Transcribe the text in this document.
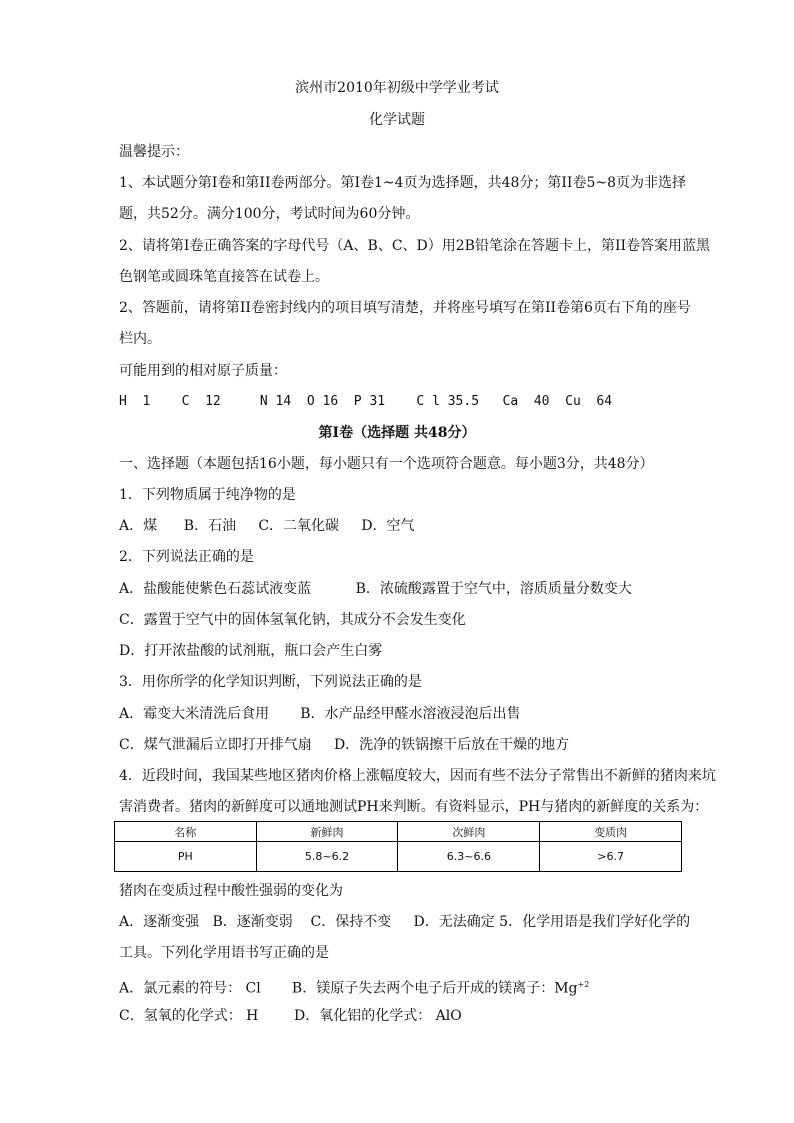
滨州市2010年初级中学学业考试
化学试题
温馨提示：
1、本试题分第Ⅰ卷和第II卷两部分。第Ⅰ卷1~4页为选择题，共48分；第II卷5~8页为非选择
题，共52分。满分100分，考试时间为60分钟。
2、请将第Ⅰ卷正确答案的字母代号（A、B、C、D）用2B铅笔涂在答题卡上，第II卷答案用蓝黑
色钢笔或圆珠笔直接答在试卷上。
2、答题前，请将第II卷密封线内的项目填写清楚，并将座号填写在第II卷第6页右下角的座号
栏内。
可能用到的相对原子质量：
H  1    C  12     N 14  O 16  P 31    C l 35.5   Ca  40  Cu  64
第Ⅰ卷（选择题 共48分）
一、选择题（本题包括16小题，每小题只有一个选项符合题意。每小题3分，共48分）
1．下列物质属于纯净物的是
A．煤      B．石油     C．二氧化碳     D．空气
2．下列说法正确的是
A．盐酸能使紫色石蕊试液变蓝          B．浓硫酸露置于空气中，溶质质量分数变大
C．露置于空气中的固体氢氧化钠，其成分不会发生变化
D．打开浓盐酸的试剂瓶，瓶口会产生白雾
3．用你所学的化学知识判断，下列说法正确的是
A．霉变大米清洗后食用       B．水产品经甲醛水溶液浸泡后出售
C．煤气泄漏后立即打开排气扇     D．洗净的铁锅擦干后放在干燥的地方
4．近段时间，我国某些地区猪肉价格上涨幅度较大，因而有些不法分子常售出不新鲜的猪肉来坑
害消费者。猪肉的新鲜度可以通地测试PH来判断。有资料显示，PH与猪肉的新鲜度的关系为：
名称	新鲜肉	次鲜肉	变质肉
PH	5.8~6.2	6.3~6.6	>6.7
猪肉在变质过程中酸性强弱的变化为
A．逐渐变强   B．逐渐变弱    C．保持不变     D．无法确定 5．化学用语是我们学好化学的
工具。下列化学用语书写正确的是
A．氯元素的符号： Cl       B．镁原子失去两个电子后开成的镁离子：$Mg^{+2}$
C．氢氧的化学式： H        D．氧化铝的化学式： AlO
